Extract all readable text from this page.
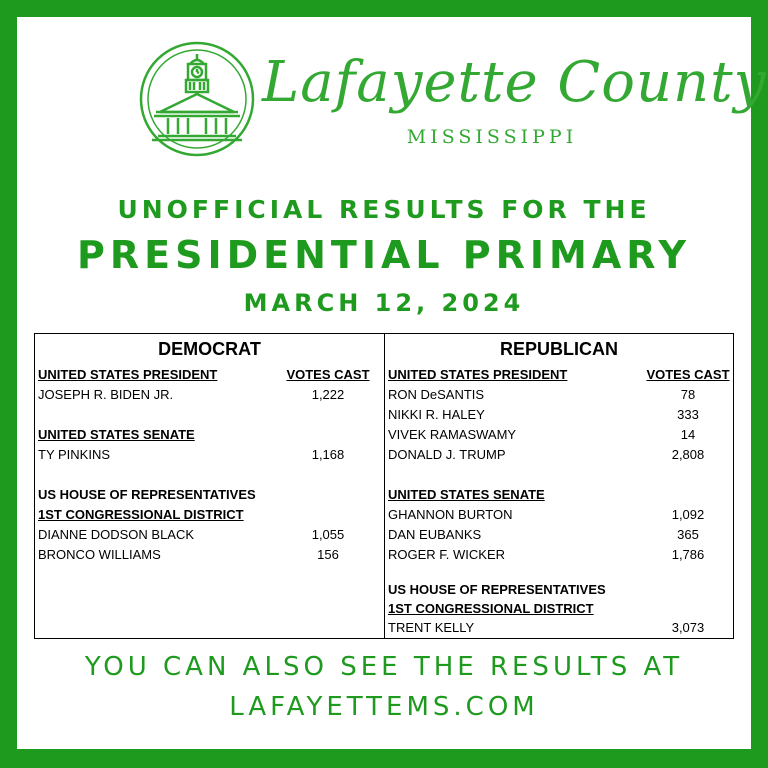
Lafayette County
MISSISSIPPI
UNOFFICIAL RESULTS FOR THE
PRESIDENTIAL PRIMARY
MARCH 12, 2024
DEMOCRAT
UNITED STATES PRESIDENT	VOTES CAST
JOSEPH R. BIDEN JR.	1,222
UNITED STATES SENATE
TY PINKINS	1,168
US HOUSE OF REPRESENTATIVES
1ST CONGRESSIONAL DISTRICT
DIANNE DODSON BLACK	1,055
BRONCO WILLIAMS	156
REPUBLICAN
UNITED STATES PRESIDENT	VOTES CAST
RON DeSANTIS	78
NIKKI R. HALEY	333
VIVEK RAMASWAMY	14
DONALD J. TRUMP	2,808
UNITED STATES SENATE
GHANNON BURTON	1,092
DAN EUBANKS	365
ROGER F. WICKER	1,786
US HOUSE OF REPRESENTATIVES
1ST CONGRESSIONAL DISTRICT
TRENT KELLY	3,073
YOU CAN ALSO SEE THE RESULTS AT
LAFAYETTEMS.COM
